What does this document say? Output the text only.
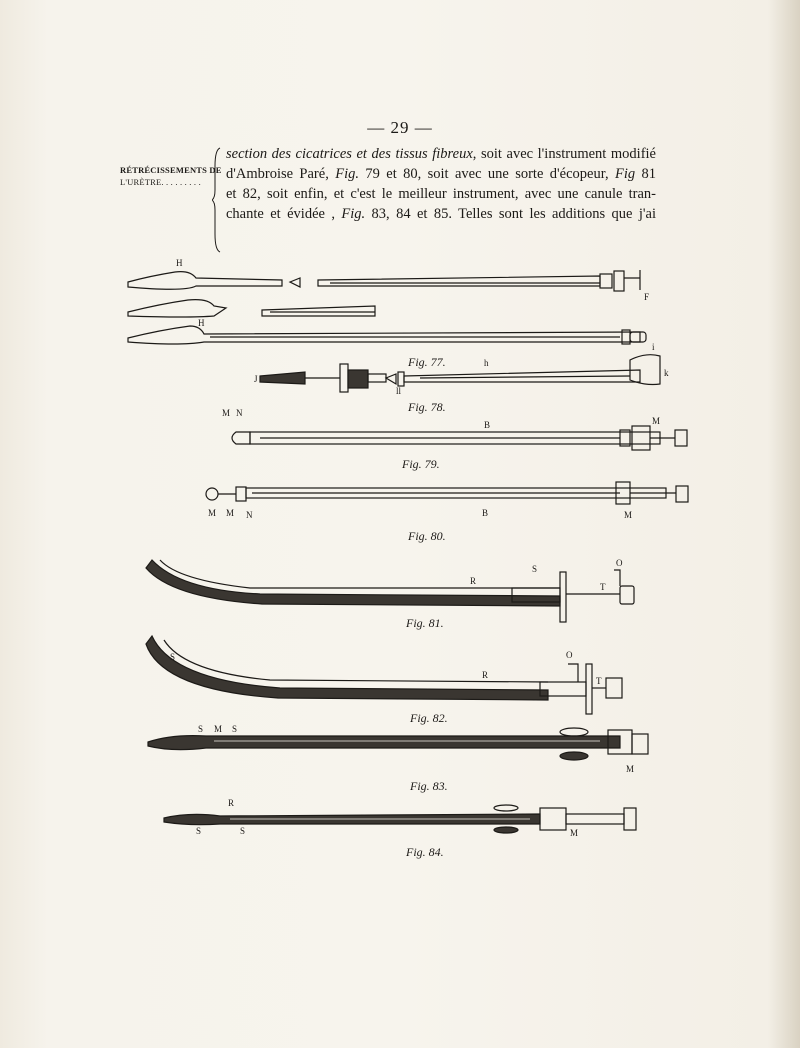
— 29 —
RÉTRÉCISSEMENTS DE
L'URÈTRE. . . . . . . . .
section des cicatrices et des tissus fibreux, soit avec l'instrument modifié
d'Ambroise Paré, Fig. 79 et 80, soit avec une sorte d'écopeur, Fig 81
et 82, soit enfin, et c'est le meilleur instrument, avec une canule tran-
chante et évidée , Fig. 83, 84 et 85. Telles sont les additions que j'ai
Fig. 77.
Fig. 78.
Fig. 79.
Fig. 80.
Fig. 81.
Fig. 82.
Fig. 83.
Fig. 84.
H
F
H
J
h
ll
i
k
M N
B	M
M M N	B	M
R
S
T
O
R
S
T
O
S M S
M
R
S	S	M
